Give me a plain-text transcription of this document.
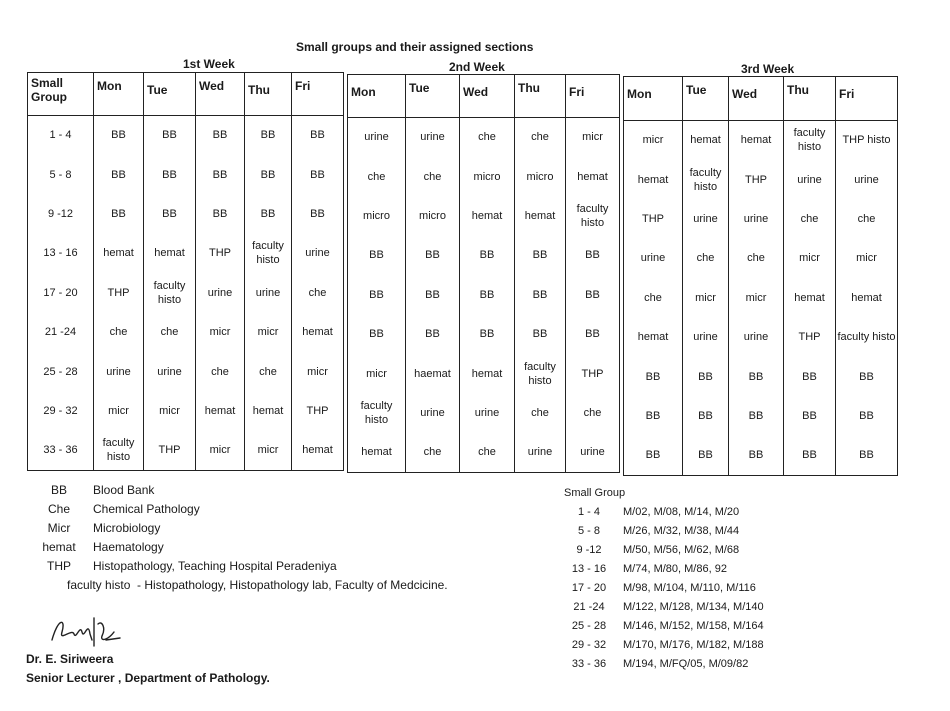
Small groups and their assigned sections
1st Week	2nd Week	3rd Week
Small Group	Mon	Tue	Wed	Thu	Fri
1 - 4	BB	BB	BB	BB	BB
5 - 8	BB	BB	BB	BB	BB
9 -12	BB	BB	BB	BB	BB
13 - 16	hemat	hemat	THP	faculty histo	urine
17 - 20	THP	faculty histo	urine	urine	che
21 -24	che	che	micr	micr	hemat
25 - 28	urine	urine	che	che	micr
29 - 32	micr	micr	hemat	hemat	THP
33 - 36	faculty histo	THP	micr	micr	hemat
Mon	Tue	Wed	Thu	Fri
urine	urine	che	che	micr
che	che	micro	micro	hemat
micro	micro	hemat	hemat	faculty histo
BB	BB	BB	BB	BB
BB	BB	BB	BB	BB
BB	BB	BB	BB	BB
micr	haemat	hemat	faculty histo	THP
faculty histo	urine	urine	che	che
hemat	che	che	urine	urine
Mon	Tue	Wed	Thu	Fri
micr	hemat	hemat	faculty histo	THP histo
hemat	faculty histo	THP	urine	urine
THP	urine	urine	che	che
urine	che	che	micr	micr
che	micr	micr	hemat	hemat
hemat	urine	urine	THP	faculty histo
BB	BB	BB	BB	BB
BB	BB	BB	BB	BB
BB	BB	BB	BB	BB
BB	Blood Bank
Che	Chemical Pathology
Micr	Microbiology
hemat	Haematology
THP	Histopathology, Teaching Hospital Peradeniya
faculty histo  - Histopathology, Histopathology lab, Faculty of Medcicine.
Small Group
1 - 4	M/02, M/08, M/14, M/20
5 - 8	M/26, M/32, M/38, M/44
9 -12	M/50, M/56, M/62, M/68
13 - 16	M/74, M/80, M/86, 92
17 - 20	M/98, M/104, M/110, M/116
21 -24	M/122, M/128, M/134, M/140
25 - 28	M/146, M/152, M/158, M/164
29 - 32	M/170, M/176, M/182, M/188
33 - 36	M/194, M/FQ/05, M/09/82
Dr. E. Siriweera
Senior Lecturer , Department of Pathology.
